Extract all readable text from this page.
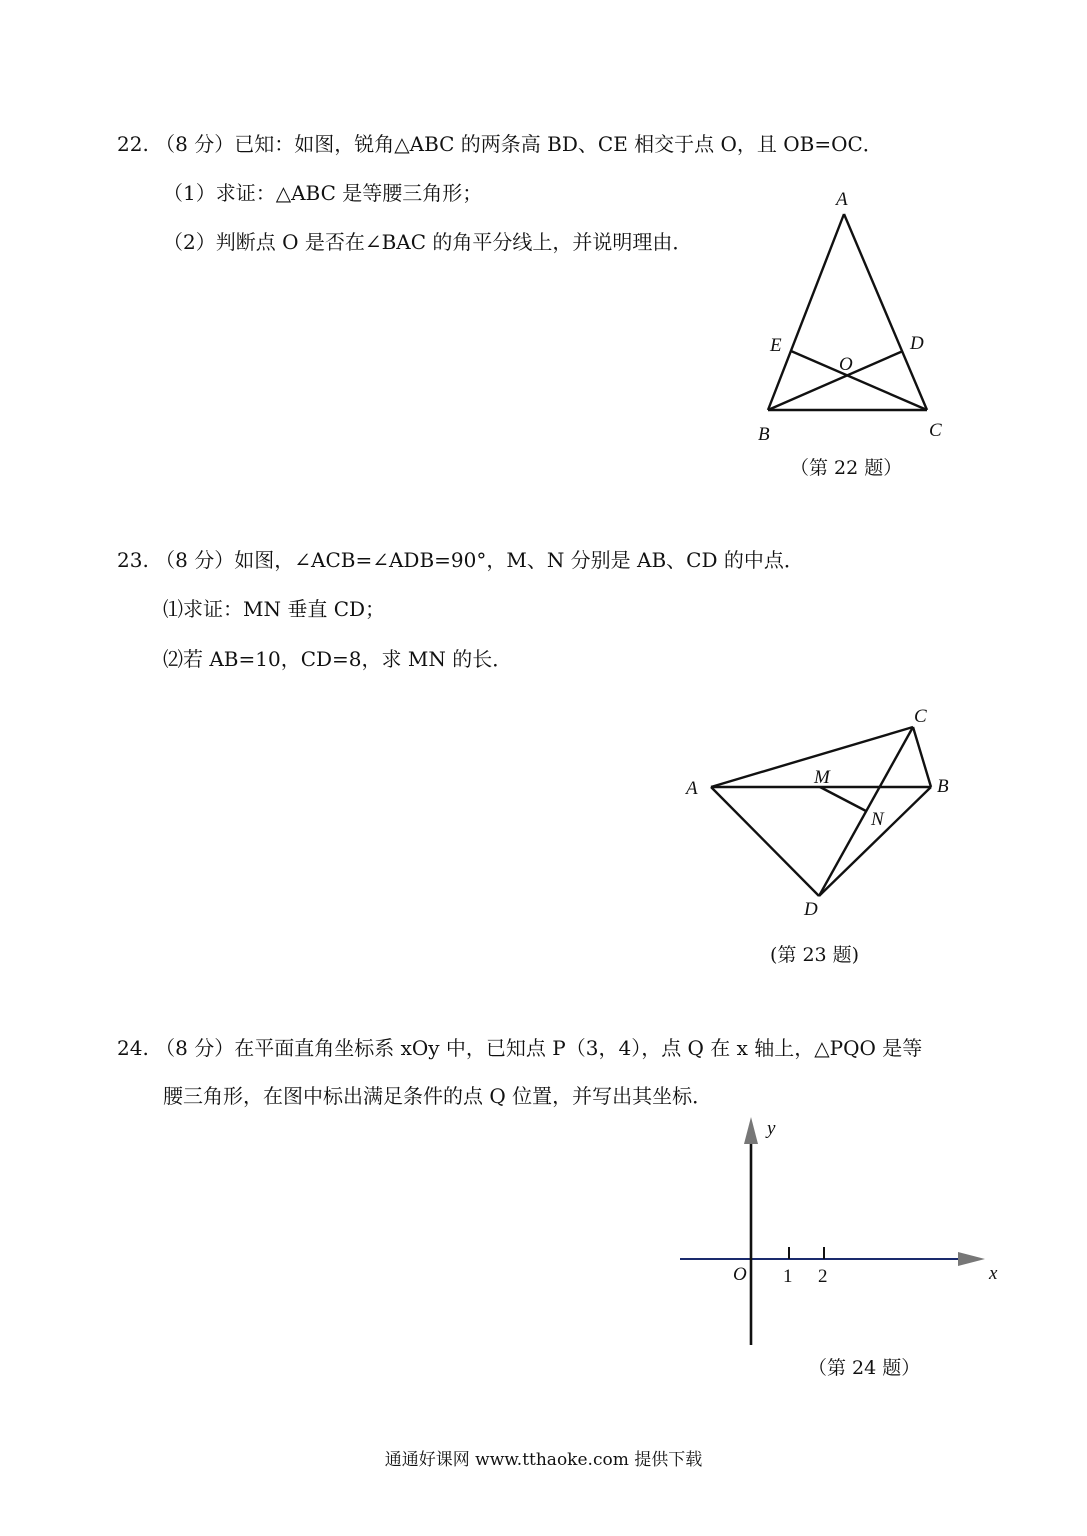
22. （8 分）已知：如图，锐角△ABC 的两条高 BD、CE 相交于点 O，且 OB=OC．
（1）求证：△ABC 是等腰三角形；
（2）判断点 O 是否在∠BAC 的角平分线上，并说明理由．
A
E	D
O
B	C
（第 22 题）
23. （8 分）如图，∠ACB=∠ADB=90°，M、N 分别是 AB、CD 的中点．
⑴求证：MN 垂直 CD；
⑵若 AB=10，CD=8，求 MN 的长．
C
M
A	B
N
D
(第 23 题)
24. （8 分）在平面直角坐标系 xOy 中，已知点 P（3，4），点 Q 在 x 轴上，△PQO 是等
腰三角形，在图中标出满足条件的点 Q 位置，并写出其坐标．
y
O 1 2	x
（第 24 题）
通通好课网 www.tthaoke.com 提供下载
